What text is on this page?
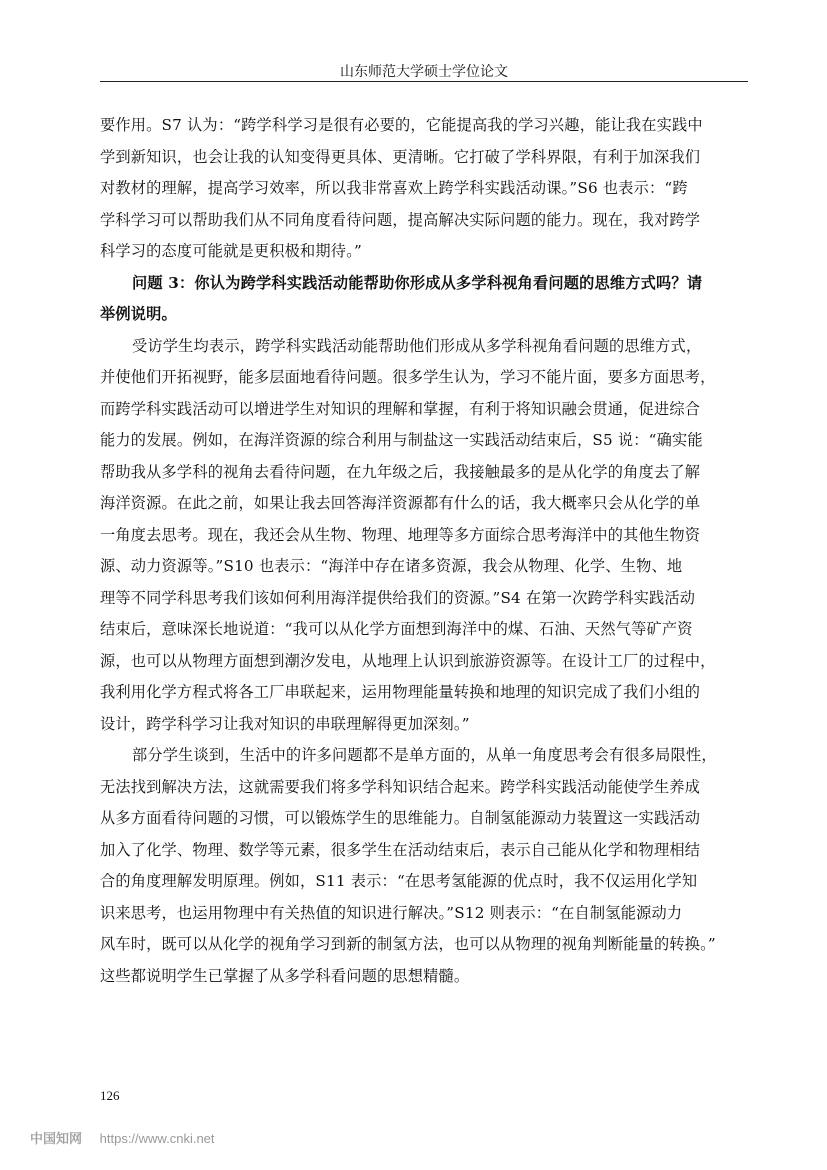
山东师范大学硕士学位论文
要作用。S7 认为：“跨学科学习是很有必要的，它能提高我的学习兴趣，能让我在实践中
学到新知识，也会让我的认知变得更具体、更清晰。它打破了学科界限，有利于加深我们
对教材的理解，提高学习效率，所以我非常喜欢上跨学科实践活动课。”S6 也表示：“跨
学科学习可以帮助我们从不同角度看待问题，提高解决实际问题的能力。现在，我对跨学
科学习的态度可能就是更积极和期待。”
问题 3：你认为跨学科实践活动能帮助你形成从多学科视角看问题的思维方式吗？请
举例说明。
受访学生均表示，跨学科实践活动能帮助他们形成从多学科视角看问题的思维方式，
并使他们开拓视野，能多层面地看待问题。很多学生认为，学习不能片面，要多方面思考，
而跨学科实践活动可以增进学生对知识的理解和掌握，有利于将知识融会贯通，促进综合
能力的发展。例如，在海洋资源的综合利用与制盐这一实践活动结束后，S5 说：“确实能
帮助我从多学科的视角去看待问题，在九年级之后，我接触最多的是从化学的角度去了解
海洋资源。在此之前，如果让我去回答海洋资源都有什么的话，我大概率只会从化学的单
一角度去思考。现在，我还会从生物、物理、地理等多方面综合思考海洋中的其他生物资
源、动力资源等。”S10 也表示：“海洋中存在诸多资源，我会从物理、化学、生物、地
理等不同学科思考我们该如何利用海洋提供给我们的资源。”S4 在第一次跨学科实践活动
结束后，意味深长地说道：“我可以从化学方面想到海洋中的煤、石油、天然气等矿产资
源，也可以从物理方面想到潮汐发电，从地理上认识到旅游资源等。在设计工厂的过程中，
我利用化学方程式将各工厂串联起来，运用物理能量转换和地理的知识完成了我们小组的
设计，跨学科学习让我对知识的串联理解得更加深刻。”
部分学生谈到，生活中的许多问题都不是单方面的，从单一角度思考会有很多局限性，
无法找到解决方法，这就需要我们将多学科知识结合起来。跨学科实践活动能使学生养成
从多方面看待问题的习惯，可以锻炼学生的思维能力。自制氢能源动力装置这一实践活动
加入了化学、物理、数学等元素，很多学生在活动结束后，表示自己能从化学和物理相结
合的角度理解发明原理。例如，S11 表示：“在思考氢能源的优点时，我不仅运用化学知
识来思考，也运用物理中有关热值的知识进行解决。”S12 则表示：“在自制氢能源动力
风车时，既可以从化学的视角学习到新的制氢方法，也可以从物理的视角判断能量的转换。”
这些都说明学生已掌握了从多学科看问题的思想精髓。
126
中国知网 https://www.cnki.net
